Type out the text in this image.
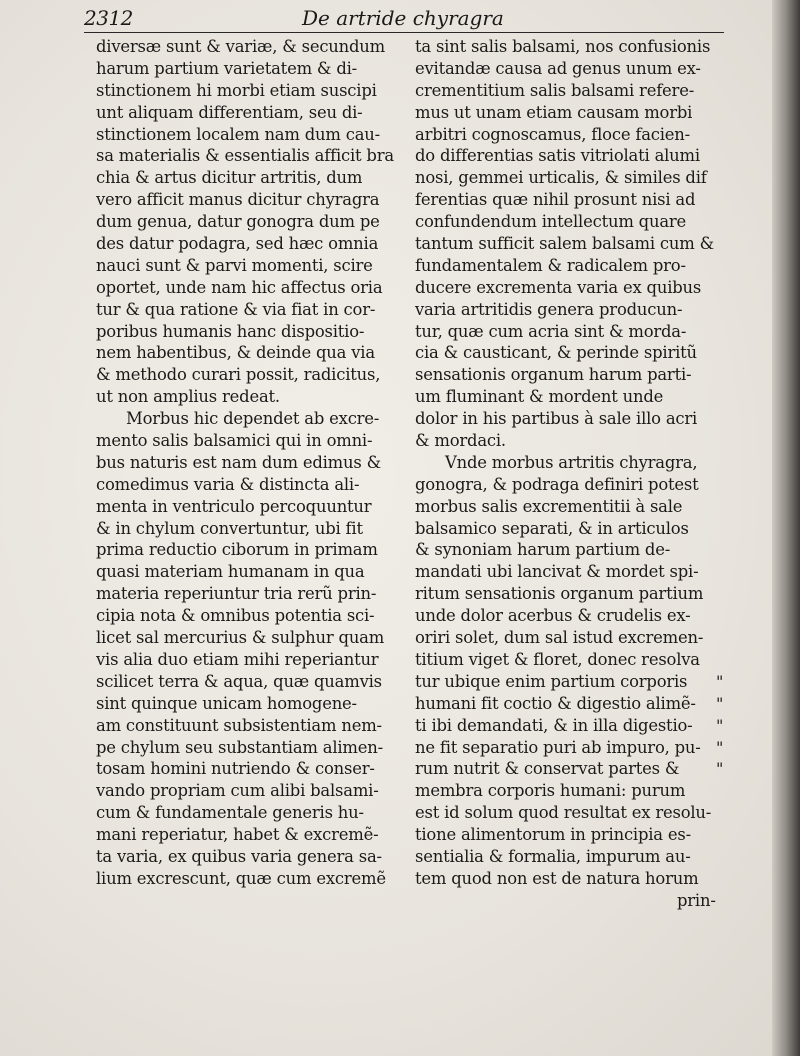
2312	De artride chyragra
diversæ sunt & variæ, & secundum
harum partium varietatem & di-
stinctionem hi morbi etiam suscipi
unt aliquam differentiam, seu di-
stinctionem localem nam dum cau-
sa materialis & essentialis afficit bra
chia & artus dicitur artritis, dum
vero afficit manus dicitur chyragra
dum genua, datur gonogra dum pe
des datur podagra, sed hæc omnia
nauci sunt & parvi momenti, scire
oportet, unde nam hic affectus oria
tur & qua ratione & via fiat in cor-
poribus humanis hanc dispositio-
nem habentibus, & deinde qua via
& methodo curari possit, radicitus,
ut non amplius redeat.
Morbus hic dependet ab excre-
mento salis balsamici qui in omni-
bus naturis est nam dum edimus &
comedimus varia & distincta ali-
menta in ventriculo percoquuntur
& in chylum convertuntur, ubi fit
prima reductio ciborum in primam
quasi materiam humanam in qua
materia reperiuntur tria rerũ prin-
cipia nota & omnibus potentia sci-
licet sal mercurius & sulphur quam
vis alia duo etiam mihi reperiantur
scilicet terra & aqua, quæ quamvis
sint quinque unicam homogene-
am constituunt subsistentiam nem-
pe chylum seu substantiam alimen-
tosam homini nutriendo & conser-
vando propriam cum alibi balsami-
cum & fundamentale generis hu-
mani reperiatur, habet & excremẽ-
ta varia, ex quibus varia genera sa-
lium excrescunt, quæ cum excremẽ
ta sint salis balsami, nos confusionis
evitandæ causa ad genus unum ex-
crementitium salis balsami refere-
mus ut unam etiam causam morbi
arbitri cognoscamus, floce facien-
do differentias satis vitriolati alumi
nosi, gemmei urticalis, & similes dif
ferentias quæ nihil prosunt nisi ad
confundendum intellectum quare
tantum sufficit salem balsami cum &
fundamentalem & radicalem pro-
ducere excrementa varia ex quibus
varia artritidis genera producun-
tur, quæ cum acria sint & mordа-
cia & causticant, & perinde spiritũ
sensationis organum harum parti-
um fluminant & mordent unde
dolor in his partibus à sale illo acri
& mordaci.
Vnde morbus artritis chyragra,
gonogra, & podraga definiri potest
morbus salis excrementitii à sale
balsamico separati, & in articulos
& synoniam harum partium de-
mandati ubi lancivat & mordet spi-
ritum sensationis organum partium
unde dolor acerbus & crudelis ex-
oriri solet, dum sal istud excremen-
titium viget & floret, donec resolva
tur ubique enim partium corporis
humani fit coctio & digestio alimẽ-
ti ibi demandati, & in illa digestio-
ne fit separatio puri ab impuro, pu-
rum nutrit & conservat partes &
membra corporis humani: purum
est id solum quod resultat ex resolu-
tione alimentorum in principia es-
sentialia & formalia, impurum au-
tem quod non est de natura horum
prin-
"
"
"
"
"
